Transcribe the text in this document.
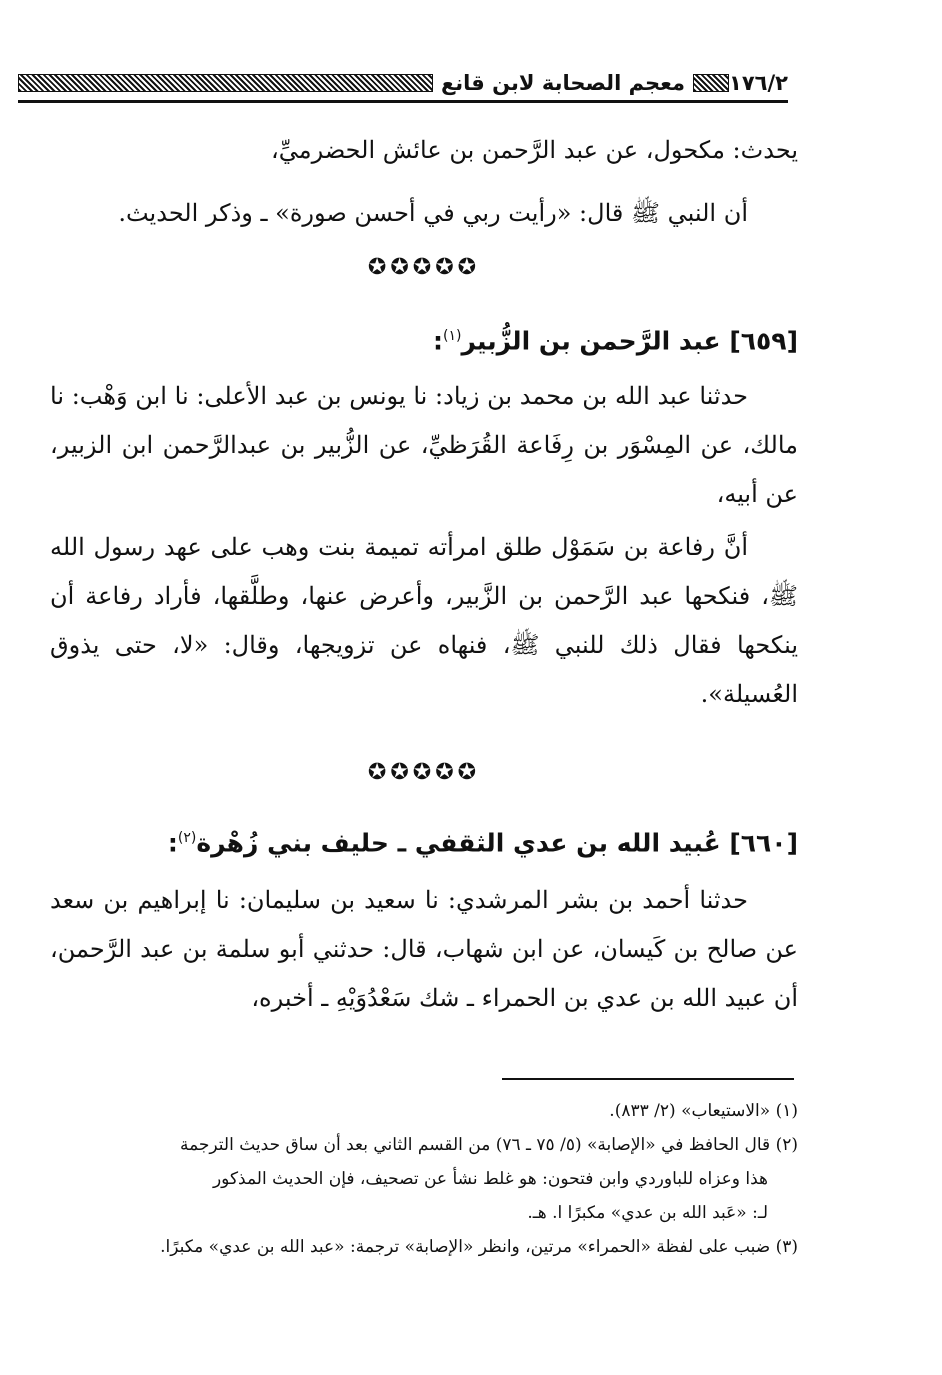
١٧٦/٢
معجم الصحابة لابن قانع

يحدث: مكحول، عن عبد الرَّحمن بن عائش الحضرميِّ،

أن النبي ﷺ قال: «رأيت ربي في أحسن صورة» ـ وذكر الحديث.

✪✪✪✪✪
[٦٥٩] عبد الرَّحمن بن الزُّبير$^{(١)}$:

حدثنا عبد الله بن محمد بن زياد: نا يونس بن عبد الأعلى: نا ابن وَهْب: نا مالك، عن المِسْوَر بن رِفَاعة القُرَظيِّ، عن الزُّبير بن عبدالرَّحمن ابن الزبير، عن أبيه،

أنَّ رفاعة بن سَمَوْل طلق امرأته تميمة بنت وهب على عهد رسول الله ﷺ، فنكحها عبد الرَّحمن بن الزَّبير، وأعرض عنها، وطلَّقها، فأراد رفاعة أن ينكحها فقال ذلك للنبي ﷺ، فنهاه عن تزويجها، وقال: «لا، حتى يذوق العُسيلة».

✪✪✪✪✪
[٦٦٠] عُبيد الله بن عدي الثقفي ـ حليف بني زُهْرة$^{(٢)}$:

حدثنا أحمد بن بشر المرشدي: نا سعيد بن سليمان: نا إبراهيم بن سعد عن صالح بن كَيسان، عن ابن شهاب، قال: حدثني أبو سلمة بن عبد الرَّحمن، أن عبيد الله بن عدي بن الحمراء ـ شك سَعْدُوَيْهِ ـ أخبره،

(١) «الاستيعاب» (٢/ ٨٣٣).

(٢) قال الحافظ في «الإصابة» (٥/ ٧٥ ـ ٧٦) من القسم الثاني بعد أن ساق حديث الترجمة

هذا وعزاه للباوردي وابن فتحون: هو غلط نشأ عن تصحيف، فإن الحديث المذكور

لـ: «عَبد الله بن عدي» مكبرًا ا. هـ.

(٣) ضبب على لفظة «الحمراء» مرتين، وانظر «الإصابة» ترجمة: «عبد الله بن عدي» مكبرًا.
